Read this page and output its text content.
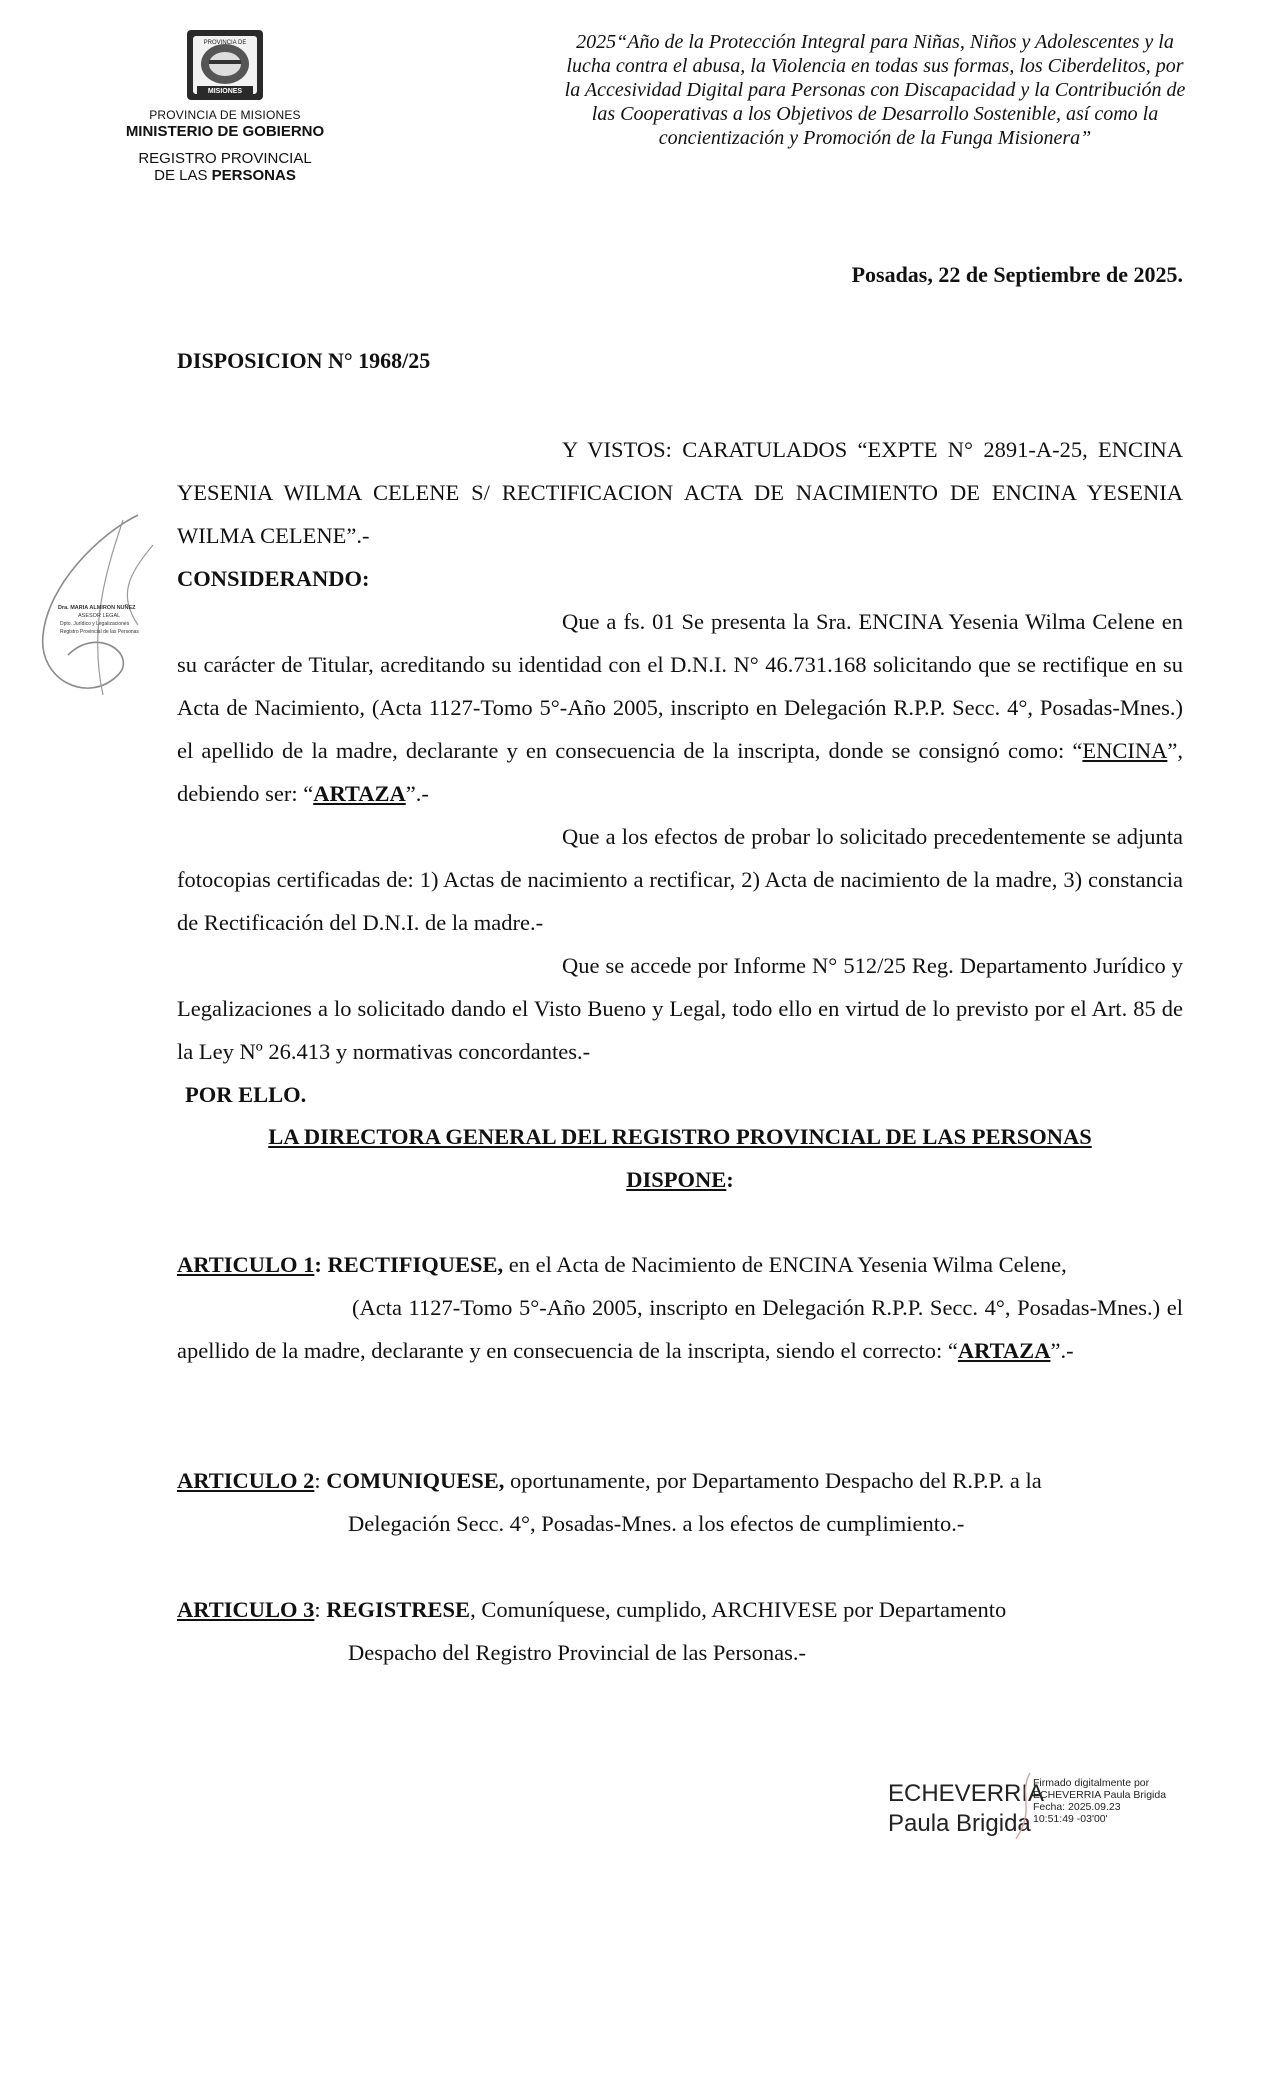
PROVINCIA DE
MISIONES
PROVINCIA DE MISIONES
MINISTERIO DE GOBIERNO
REGISTRO PROVINCIAL
DE LAS PERSONAS
2025“Año de la Protección Integral para Niñas, Niños y Adolescentes y la lucha contra el abusa, la Violencia en todas sus formas, los Ciberdelitos, por la Accesividad Digital para Personas con Discapacidad y la Contribución de las Cooperativas a los Objetivos de Desarrollo Sostenible, así como la concientización y Promoción de la Funga Misionera”
Posadas, 22 de Septiembre de 2025.
DISPOSICION N° 1968/25

Y VISTOS: CARATULADOS “EXPTE N° 2891-A-25, ENCINA YESENIA WILMA CELENE S/ RECTIFICACION ACTA DE NACIMIENTO DE ENCINA YESENIA WILMA CELENE”.-

CONSIDERANDO:

Que a fs. 01 Se presenta la Sra. ENCINA Yesenia Wilma Celene en su carácter de Titular, acreditando su identidad con el D.N.I. N° 46.731.168 solicitando que se rectifique en su Acta de Nacimiento, (Acta 1127-Tomo 5°-Año 2005, inscripto en Delegación R.P.P. Secc. 4°, Posadas-Mnes.) el apellido de la madre, declarante y en consecuencia de la inscripta, donde se consignó como: “ENCINA”, debiendo ser: “ARTAZA”.-

Que a los efectos de probar lo solicitado precedentemente se adjunta fotocopias certificadas de: 1) Actas de nacimiento a rectificar, 2) Acta de nacimiento de la madre, 3) constancia de Rectificación del D.N.I. de la madre.-

Que se accede por Informe N° 512/25 Reg. Departamento Jurídico y Legalizaciones a lo solicitado dando el Visto Bueno y Legal, todo ello en virtud de lo previsto por el Art. 85 de la Ley Nº 26.413 y normativas concordantes.-

POR ELLO.

LA DIRECTORA GENERAL DEL REGISTRO PROVINCIAL DE LAS PERSONAS
DISPONE:
ARTICULO 1: RECTIFIQUESE, en el Acta de Nacimiento de ENCINA Yesenia Wilma Celene,
(Acta 1127-Tomo 5°-Año 2005, inscripto en Delegación R.P.P. Secc. 4°, Posadas-Mnes.) el apellido de la madre, declarante y en consecuencia de la inscripta, siendo el correcto: “ARTAZA”.-
ARTICULO 2: COMUNIQUESE, oportunamente, por Departamento Despacho del R.P.P. a la
Delegación Secc. 4°, Posadas-Mnes. a los efectos de cumplimiento.-
ARTICULO 3: REGISTRESE, Comuníquese, cumplido, ARCHIVESE por Departamento
Despacho del Registro Provincial de las Personas.-
Dra. MARIA ALMIRON NUÑEZ
ASESOR LEGAL
Dpto. Jurídico y Legalizaciones
Registro Provincial de las Personas
ECHEVERRIA
Paula Brigida
Firmado digitalmente por
ECHEVERRIA Paula Brigida
Fecha: 2025.09.23
10:51:49 -03'00'
